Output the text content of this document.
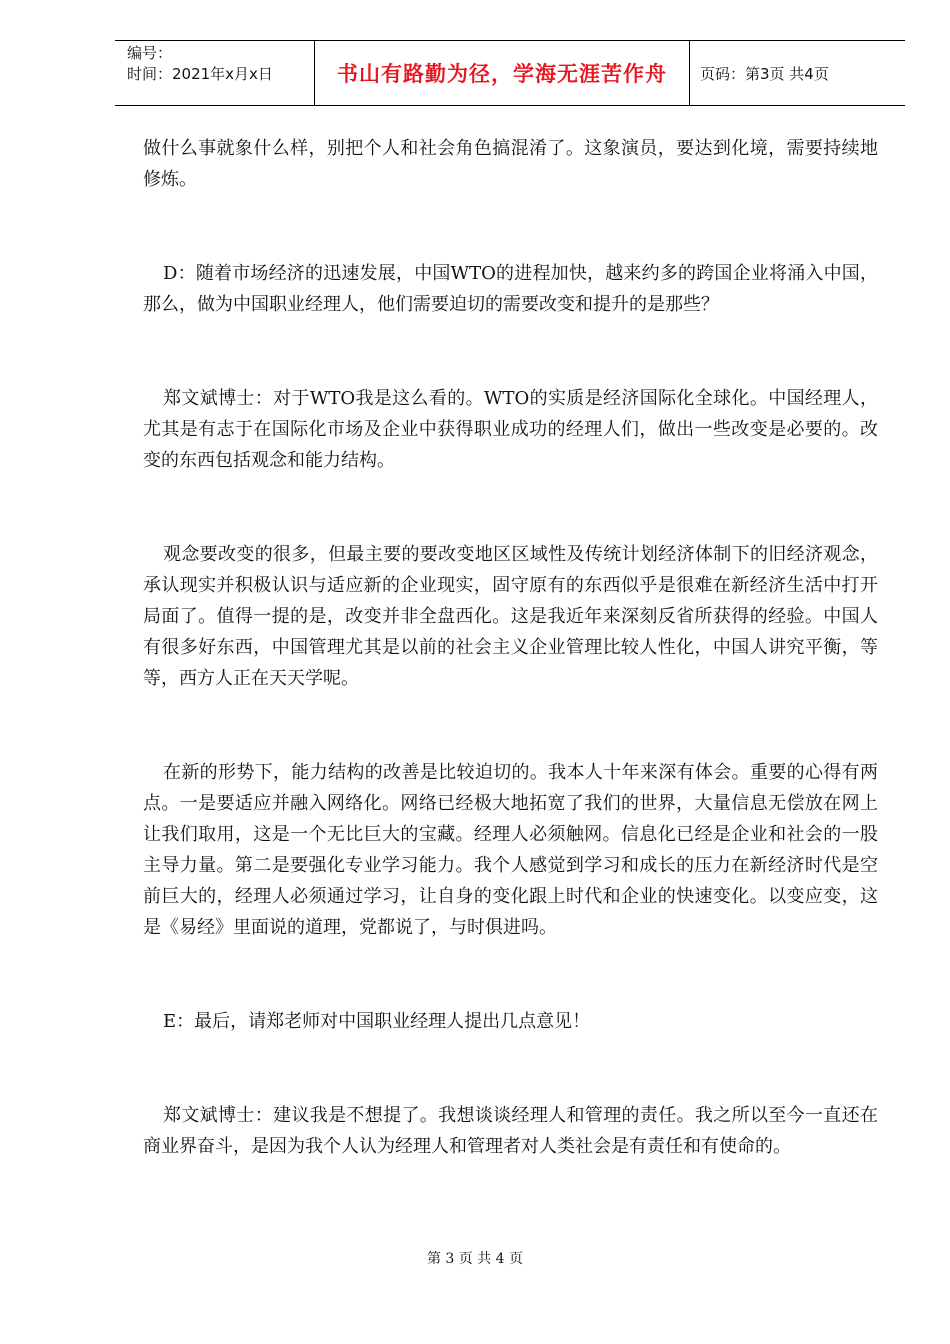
编号：
时间：2021年x月x日	书山有路勤为径，学海无涯苦作舟	页码：第3页 共4页

做什么事就象什么样，别把个人和社会角色搞混淆了。这象演员，要达到化境，需要持续地修炼。

D：随着市场经济的迅速发展，中国WTO的进程加快，越来约多的跨国企业将涌入中国，那么，做为中国职业经理人，他们需要迫切的需要改变和提升的是那些？

郑文斌博士：对于WTO我是这么看的。WTO的实质是经济国际化全球化。中国经理人，尤其是有志于在国际化市场及企业中获得职业成功的经理人们，做出一些改变是必要的。改变的东西包括观念和能力结构。

观念要改变的很多，但最主要的要改变地区区域性及传统计划经济体制下的旧经济观念，承认现实并积极认识与适应新的企业现实，固守原有的东西似乎是很难在新经济生活中打开局面了。值得一提的是，改变并非全盘西化。这是我近年来深刻反省所获得的经验。中国人有很多好东西，中国管理尤其是以前的社会主义企业管理比较人性化，中国人讲究平衡，等等，西方人正在天天学呢。

在新的形势下，能力结构的改善是比较迫切的。我本人十年来深有体会。重要的心得有两点。一是要适应并融入网络化。网络已经极大地拓宽了我们的世界，大量信息无偿放在网上让我们取用，这是一个无比巨大的宝藏。经理人必须触网。信息化已经是企业和社会的一股主导力量。第二是要强化专业学习能力。我个人感觉到学习和成长的压力在新经济时代是空前巨大的，经理人必须通过学习，让自身的变化跟上时代和企业的快速变化。以变应变，这是《易经》里面说的道理，党都说了，与时俱进吗。

E：最后，请郑老师对中国职业经理人提出几点意见！

郑文斌博士：建议我是不想提了。我想谈谈经理人和管理的责任。我之所以至今一直还在商业界奋斗，是因为我个人认为经理人和管理者对人类社会是有责任和有使命的。

第 3 页 共 4 页
